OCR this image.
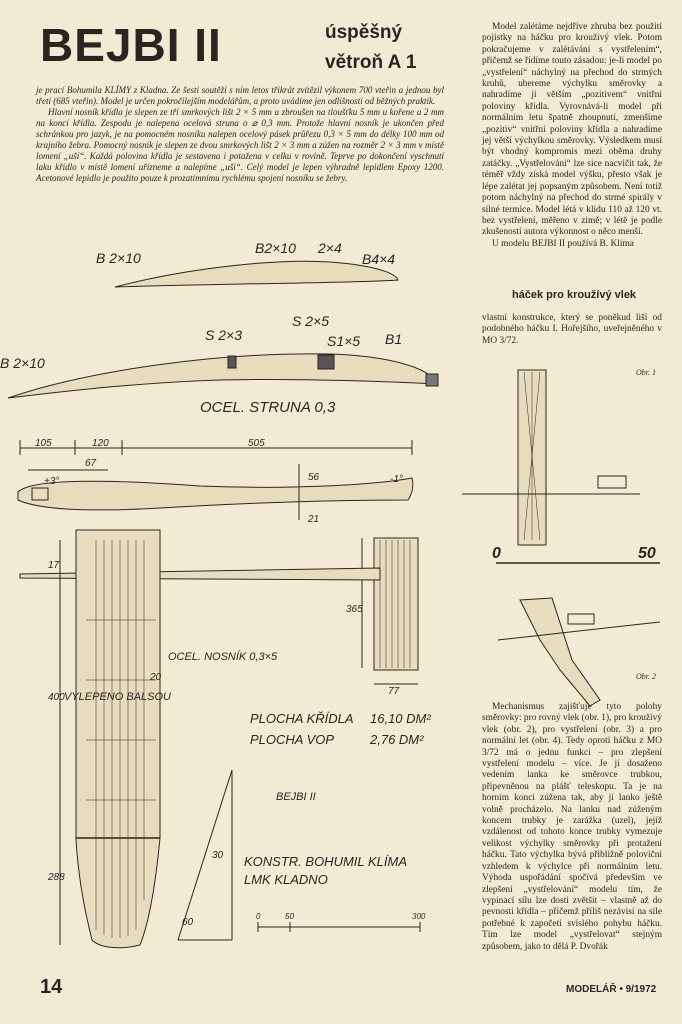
BEJBI II	úspěšný
větroň A 1

je prací Bohumila KLÍMY z Kladna. Ze šesti soutěží s ním letos třikrát zvítězil výkonem 700 vteřin a jednou byl třetí (685 vteřin). Model je určen pokročilejším modelářům, a proto uvádíme jen odlišnosti od běžných praktik.

Hlavní nosník křídla je slepen ze tří smrkových lišt 2 × 5 mm a zbroušen na tloušťku 5 mm u kořene a 2 mm na konci křídla. Zespodu je nalepena ocelová struna o ⌀ 0,3 mm. Protože hlavní nosník je ukončen před schránkou pro jazyk, je na pomocném nosníku nalepen ocelový pásek průřezu 0,3 × 5 mm do délky 100 mm od krajního žebra. Pomocný nosník je slepen ze dvou smrkových lišt 2 × 3 mm a zúžen na rozměr 2 × 3 mm v místě lomení „uší“. Každá polovina křídla je sestavena i potažena v celku v rovině. Teprve po dokončení vyschnutí laku křídlo v místě lomení uřízneme a nalepíme „uši“. Celý model je lepen výhradně lepidlem Epoxy 1200. Acetonové lepidlo je použito pouze k prozatímnímu rychlému spojení nosníku se žebry.

Model zalétáme nejdříve zhruba bez použití pojistky na háčku pro kroužívý vlek. Potom pokračujeme v zalétávání s vystřelením“, přičemž se řídíme touto zásadou: je-li model po „vystřelení“ náchylný na přechod do strmých kruhů, ubereme výchylku směrovky a nahradíme ji větším „pozitivem“ vnitřní poloviny křídla. Vyrovnává-li model při normálním letu špatně zhoupnutí, zmenšíme „pozitiv“ vnitřní poloviny křídla a nahradíme jej větší výchylkou směrovky. Výsledkem musí být vhodný kompromis mezi oběma druhy zatáčky. „Vystřelování“ lze sice nacvičit tak, že téměř vždy získá model výšku, přesto však je lépe zalétat jej popsaným způsobem. Není totiž potom náchylný na přechod do strmé spirály v silné termice. Model létá v klidu 110 až 120 vt. bez vystřelení, měřeno v zimě; v létě je podle zkušeností autora výkonnost o něco menší.

U modelu BEJBI II používá B. Klíma

háček pro kroužívý vlek

vlastní konstrukce, který se poněkud liší od podobného háčku I. Hořejšího, uveřejněného v MO 3/72.

Mechanismus zajišťuje tyto polohy směrovky: pro rovný vlek (obr. 1), pro kroužívý vlek (obr. 2), pro vystřelení (obr. 3) a pro normální let (obr. 4). Tedy oproti háčku z MO 3/72 má o jednu funkci – pro zlepšení vystřelení modelu – více. Je jí dosaženo vedením lanka ke směrovce trubkou, připevněnou na plášť teleskopu. Ta je na horním konci zúžena tak, aby jí lanko ještě volně procházelo. Na lanku nad zúženým koncem trubky je zarážka (uzel), jejíž vzdálenost od tohoto konce trubky vymezuje velikost výchylky směrovky při protažení háčku. Tato výchylka bývá přibližně poloviční vzhledem k výchylce při normálním letu. Výhoda uspořádání spočívá především ve zlepšení „vystřelování“ modelu tím, že vypínací sílu lze dosti zvětšit – vlastně až do pevnosti křídla – přičemž příliš nezávisí na síle potřebné k započetí svislého pohybu háčku. Tím lze model „vystřelovat“ stejným způsobem, jako to dělá P. Dvořák

B 2×10
B2×10 2×4
B4×4
B 2×10
S 2×3
S 2×5
S1×5 B1
OCEL. STRUNA 0,3
105	120	505
67
+3°	-1°
56
21
17
365
77
400
20
288
30
60
VYLEPENO BALSOU
OCEL. NOSNÍK 0,3×5
PLOCHA KŘÍDLA 16,10 DM²
PLOCHA VOP	2,76 DM²
BEJBI II
KONSTR. BOHUMIL KLÍMA
LMK KLADNO
0	50	300
0	50
Obr. 1
Obr. 2
14	MODELÁŘ • 9/1972
